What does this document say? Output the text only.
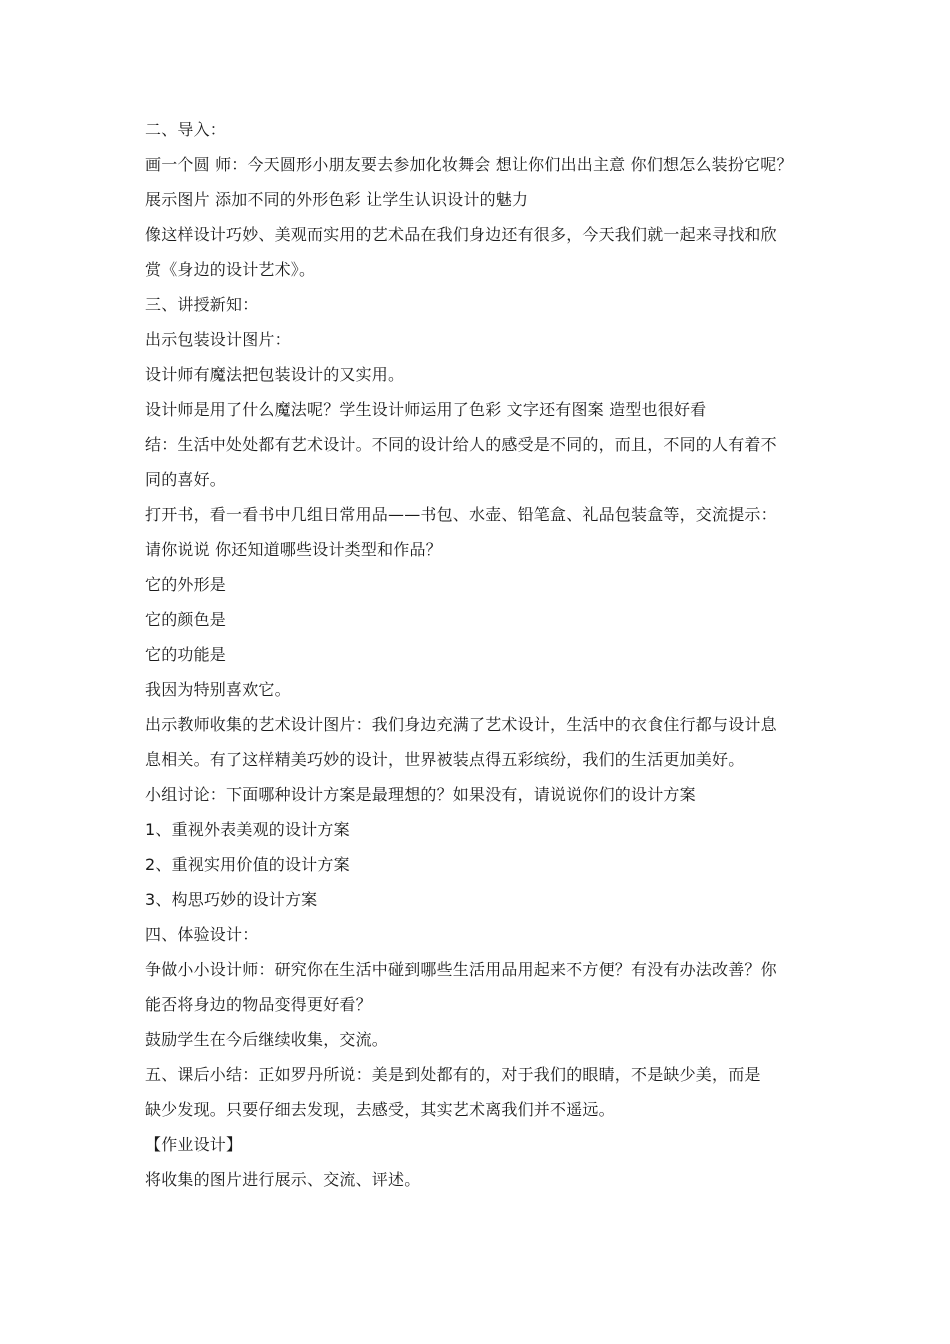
二、导入：
画一个圆 师：今天圆形小朋友要去参加化妆舞会 想让你们出出主意 你们想怎么装扮它呢？
展示图片 添加不同的外形色彩 让学生认识设计的魅力
像这样设计巧妙、美观而实用的艺术品在我们身边还有很多，今天我们就一起来寻找和欣
赏《身边的设计艺术》。
三、讲授新知：
出示包装设计图片：
设计师有魔法把包装设计的又实用。
设计师是用了什么魔法呢？学生设计师运用了色彩 文字还有图案 造型也很好看
结：生活中处处都有艺术设计。不同的设计给人的感受是不同的，而且，不同的人有着不
同的喜好。
打开书，看一看书中几组日常用品——书包、水壶、铅笔盒、礼品包装盒等，交流提示：
请你说说 你还知道哪些设计类型和作品？
它的外形是
它的颜色是
它的功能是
我因为特别喜欢它。
出示教师收集的艺术设计图片：我们身边充满了艺术设计，生活中的衣食住行都与设计息
息相关。有了这样精美巧妙的设计，世界被装点得五彩缤纷，我们的生活更加美好。
小组讨论：下面哪种设计方案是最理想的？如果没有，请说说你们的设计方案
1、重视外表美观的设计方案
2、重视实用价值的设计方案
3、构思巧妙的设计方案
四、体验设计：
争做小小设计师：研究你在生活中碰到哪些生活用品用起来不方便？有没有办法改善？你
能否将身边的物品变得更好看？
鼓励学生在今后继续收集，交流。
五、课后小结：正如罗丹所说：美是到处都有的，对于我们的眼睛，不是缺少美，而是
缺少发现。只要仔细去发现，去感受，其实艺术离我们并不遥远。
【作业设计】
将收集的图片进行展示、交流、评述。
